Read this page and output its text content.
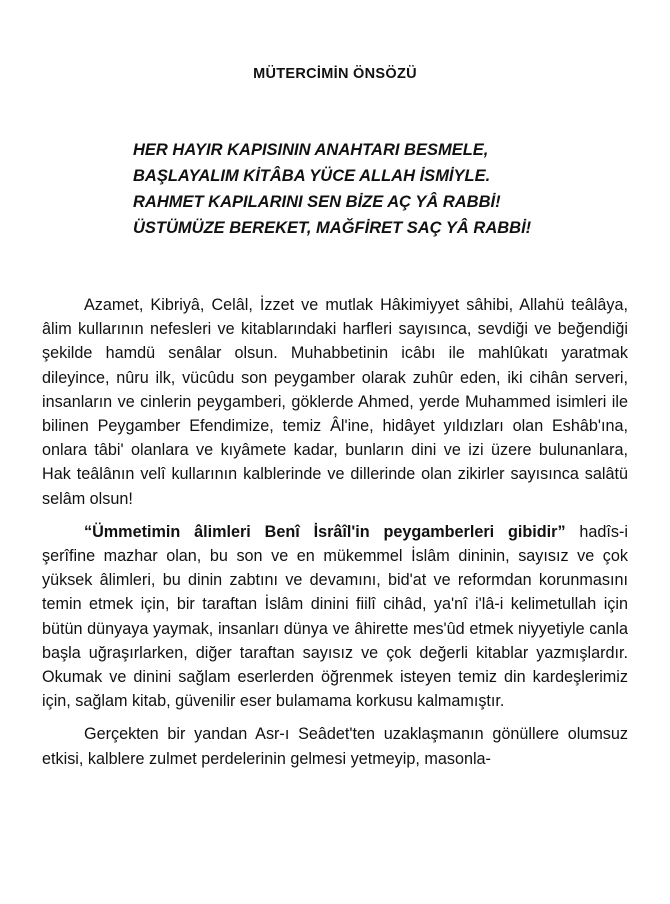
MÜTERCİMİN ÖNSÖZÜ
HER HAYIR KAPISININ ANAHTARI BESMELE,
BAŞLAYALIM KİTÂBA YÜCE ALLAH İSMİYLE.
RAHMET KAPILARINI SEN BİZE AÇ YÂ RABBİ!
ÜSTÜMÜZE BEREKET, MAĞFİRET SAÇ YÂ RABBİ!

Azamet, Kibriyâ, Celâl, İzzet ve mutlak Hâkimiyyet sâhibi, Allahü teâlâya, âlim kullarının nefesleri ve kitablarındaki harfleri sayısınca, sevdiği ve beğendiği şekilde hamdü senâlar olsun. Muhabbetinin icâbı ile mahlûkatı yaratmak dileyince, nûru ilk, vücûdu son peygamber olarak zuhûr eden, iki cihân serveri, insanların ve cinlerin peygamberi, göklerde Ahmed, yerde Muhammed isimleri ile bilinen Peygamber Efendimize, temiz Âl'ine, hidâyet yıldızları olan Eshâb'ına, onlara tâbi' olanlara ve kıyâmete kadar, bunların dini ve izi üzere bulunanlara, Hak teâlânın velî kullarının kalblerinde ve dillerinde olan zikirler sayısınca salâtü selâm olsun!

“Ümmetimin âlimleri Benî İsrâîl'in peygamberleri gibidir” hadîs-i şerîfine mazhar olan, bu son ve en mükemmel İslâm dininin, sayısız ve çok yüksek âlimleri, bu dinin zabtını ve devamını, bid'at ve reformdan korunmasını temin etmek için, bir taraftan İslâm dinini fiilî cihâd, ya'nî i'lâ-i kelimetullah için bütün dünyaya yaymak, insanları dünya ve âhirette mes'ûd etmek niyyetiyle canla başla uğraşırlarken, diğer taraftan sayısız ve çok değerli kitablar yazmışlardır. Okumak ve dinini sağlam eserlerden öğrenmek isteyen temiz din kardeşlerimiz için, sağlam kitab, güvenilir eser bulamama korkusu kalmamıştır.

Gerçekten bir yandan Asr-ı Seâdet'ten uzaklaşmanın gönüllere olumsuz etkisi, kalblere zulmet perdelerinin gelmesi yetmeyip, masonla-
